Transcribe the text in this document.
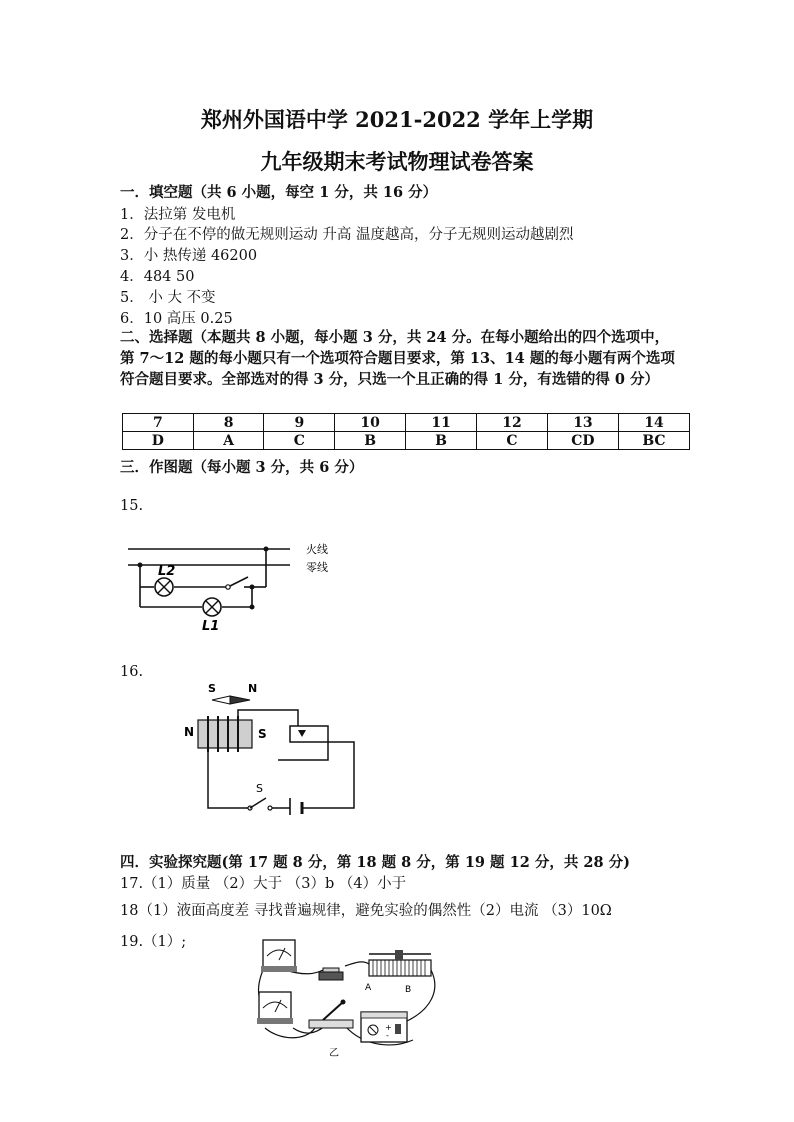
郑州外国语中学 2021-2022 学年上学期
九年级期末考试物理试卷答案
一．填空题（共 6 小题，每空 1 分，共 16 分）
1．法拉第 发电机
2．分子在不停的做无规则运动 升高 温度越高，分子无规则运动越剧烈
3．小 热传递 46200
4．484 50
5． 小 大 不变
6．10 高压 0.25
二、选择题（本题共 8 小题，每小题 3 分，共 24 分。在每小题给出的四个选项中，第 7～12 题的每小题只有一个选项符合题目要求，第 13、14 题的每小题有两个选项符合题目要求。全部选对的得 3 分，只选一个且正确的得 1 分，有选错的得 0 分）
7	8	9	10	11	12	13	14
D	A	C	B	B	C	CD	BC
三．作图题（每小题 3 分，共 6 分）
15.
火线
零线
L2
L1
16.
S	N
N	S
S
四．实验探究题(第 17 题 8 分，第 18 题 8 分，第 19 题 12 分，共 28 分)
17.（1）质量 （2）大于 （3）b （4）小于
18（1）液面高度差 寻找普遍规律，避免实验的偶然性（2）电流 （3）10Ω
19.（1）;
A	B
+
-
乙
